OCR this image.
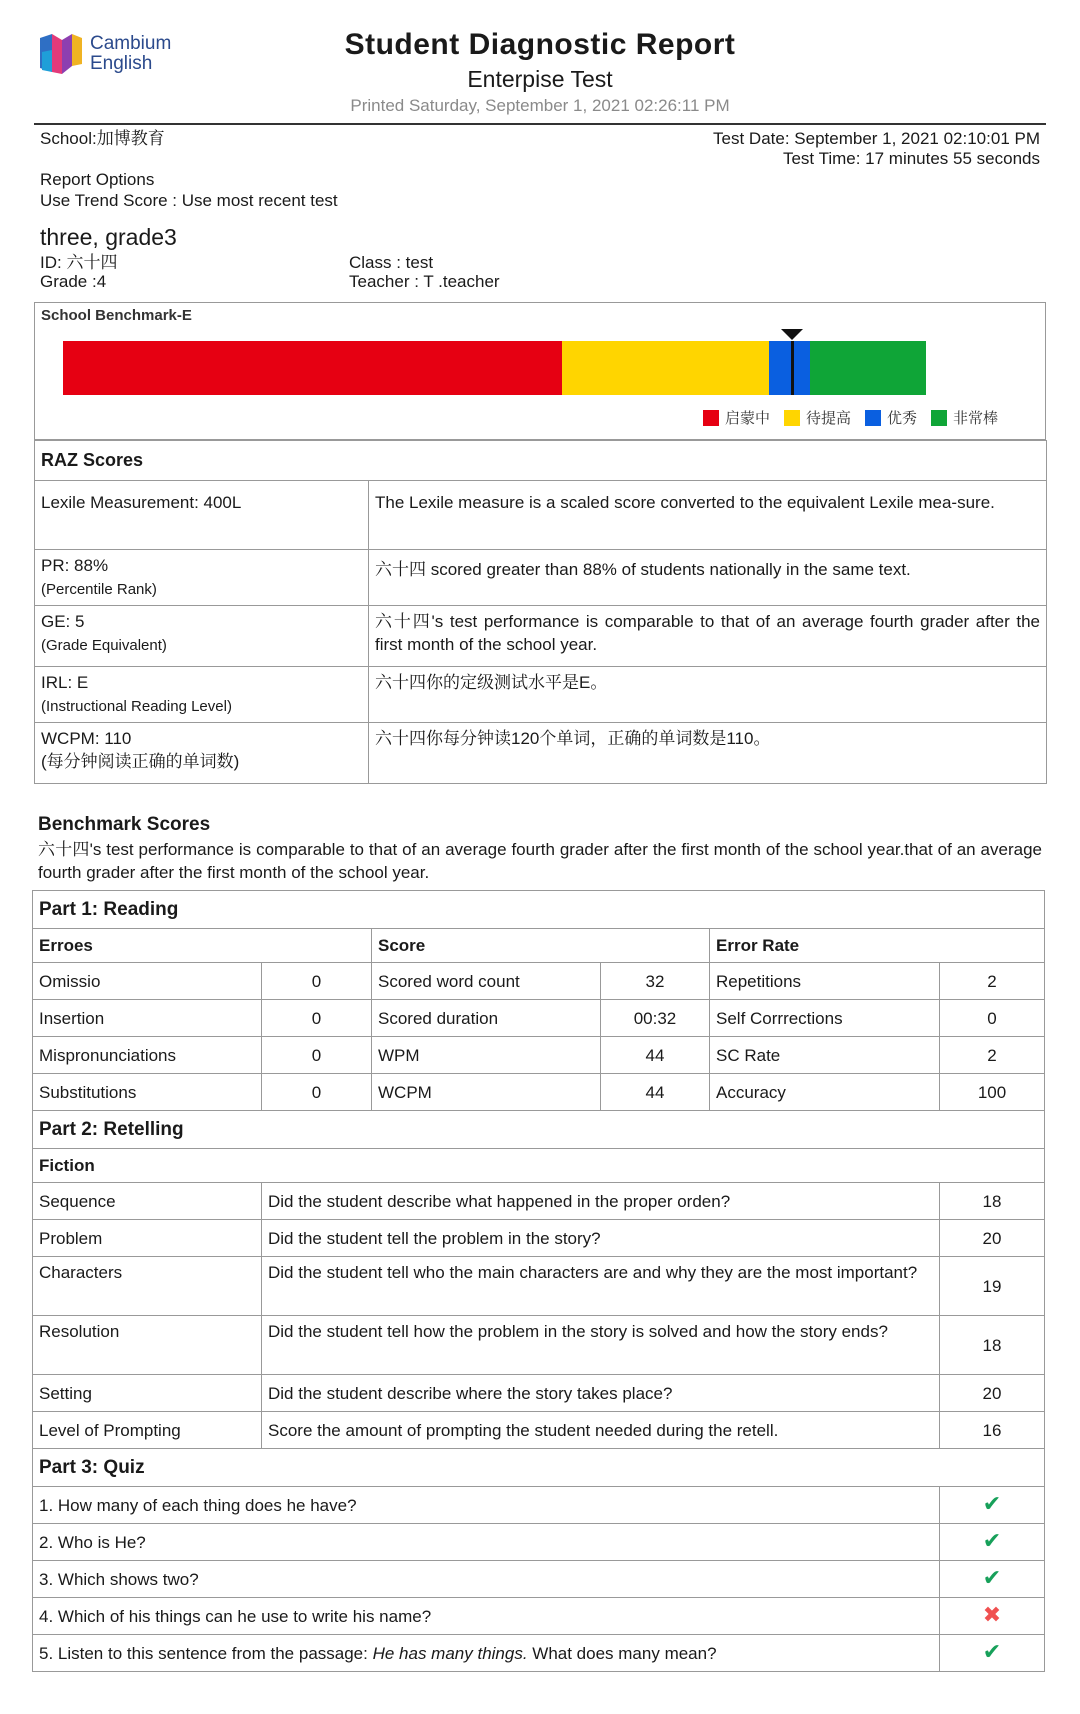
Cambium
English
Student Diagnostic Report
Enterpise Test
Printed Saturday, September 1, 2021 02:26:11 PM
School:加博教育	Test Date: September 1, 2021 02:10:01 PM
Test Time: 17 minutes 55 seconds
Report Options
Use Trend Score : Use most recent test
three, grade3
ID: 六十四
Grade :4
Class : test
Teacher : T .teacher
School Benchmark-E
启蒙中 待提高 优秀 非常棒
RAZ Scores	
Lexile Measurement: 400L	The Lexile measure is a scaled score converted to the equivalent Lexile mea-sure.
PR: 88%
(Percentile Rank)	六十四 scored greater than 88% of students nationally in the same text.
GE: 5
(Grade Equivalent)	六十四's test performance is comparable to that of an average fourth grader after the first month of the school year.
IRL: E
(Instructional Reading Level)	六十四你的定级测试水平是E。
WCPM: 110
(每分钟阅读正确的单词数)	六十四你每分钟读120个单词，正确的单词数是110。
Benchmark Scores
六十四's test performance is comparable to that of an average fourth grader after the first month of the school year.that of an average fourth grader after the first month of the school year.
Part 1: Reading					
Erroes		Score		Error Rate	
Omissio	0	Scored word count	32	Repetitions	2
Insertion	0	Scored duration	00:32	Self Corrrections	0
Mispronunciations	0	WPM	44	SC Rate	2
Substitutions	0	WCPM	44	Accuracy	100
Part 2: Retelling					
Fiction					
Sequence	Did the student describe what happened in the proper orden?				18
Problem	Did the student tell the problem in the story?				20
Characters	Did the student tell who the main characters are and why they are the most important?				19
Resolution	Did the student tell how the problem in the story is solved and how the story ends?				18
Setting	Did the student describe where the story takes place?				20
Level of Prompting	Score the amount of prompting the student needed during the retell.				16
Part 3: Quiz					
1. How many of each thing does he have?					✔
2. Who is He?					✔
3. Which shows two?					✔
4. Which of his things can he use to write his name?					✖
5. Listen to this sentence from the passage: He has many things. What does many mean?					✔
